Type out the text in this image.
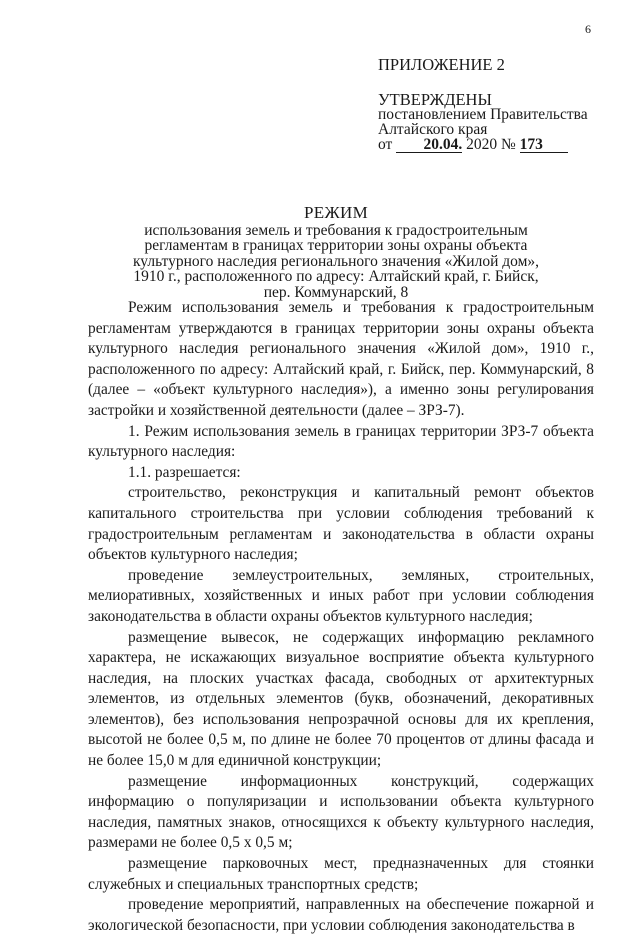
6
ПРИЛОЖЕНИЕ 2
УТВЕРЖДЕНЫ
постановлением Правительства
Алтайского края
от 20.04. 2020 № 173
РЕЖИМ
использования земель и требования к градостроительным
регламентам в границах территории зоны охраны объекта
культурного наследия регионального значения «Жилой дом»,
1910 г., расположенного по адресу: Алтайский край, г. Бийск,
пер. Коммунарский, 8

Режим использования земель и требования к градостроительным регламентам утверждаются в границах территории зоны охраны объекта культурного наследия регионального значения «Жилой дом», 1910 г., расположенного по адресу: Алтайский край, г. Бийск, пер. Коммунарский, 8 (далее – «объект культурного наследия»), а именно зоны регулирования застройки и хозяйственной деятельности (далее – ЗРЗ-7).

1. Режим использования земель в границах территории ЗРЗ-7 объекта культурного наследия:

1.1. разрешается:

строительство, реконструкция и капитальный ремонт объектов капитального строительства при условии соблюдения требований к градостроительным регламентам и законодательства в области охраны объектов культурного наследия;

проведение землеустроительных, земляных, строительных, мелиоративных, хозяйственных и иных работ при условии соблюдения законодательства в области охраны объектов культурного наследия;

размещение вывесок, не содержащих информацию рекламного характера, не искажающих визуальное восприятие объекта культурного наследия, на плоских участках фасада, свободных от архитектурных элементов, из отдельных элементов (букв, обозначений, декоративных элементов), без использования непрозрачной основы для их крепления, высотой не более 0,5 м, по длине не более 70 процентов от длины фасада и не более 15,0 м для единичной конструкции;

размещение информационных конструкций, содержащих информацию о популяризации и использовании объекта культурного наследия, памятных знаков, относящихся к объекту культурного наследия, размерами не более 0,5 х 0,5 м;

размещение парковочных мест, предназначенных для стоянки служебных и специальных транспортных средств;

проведение мероприятий, направленных на обеспечение пожарной и экологической безопасности, при условии соблюдения законодательства в
